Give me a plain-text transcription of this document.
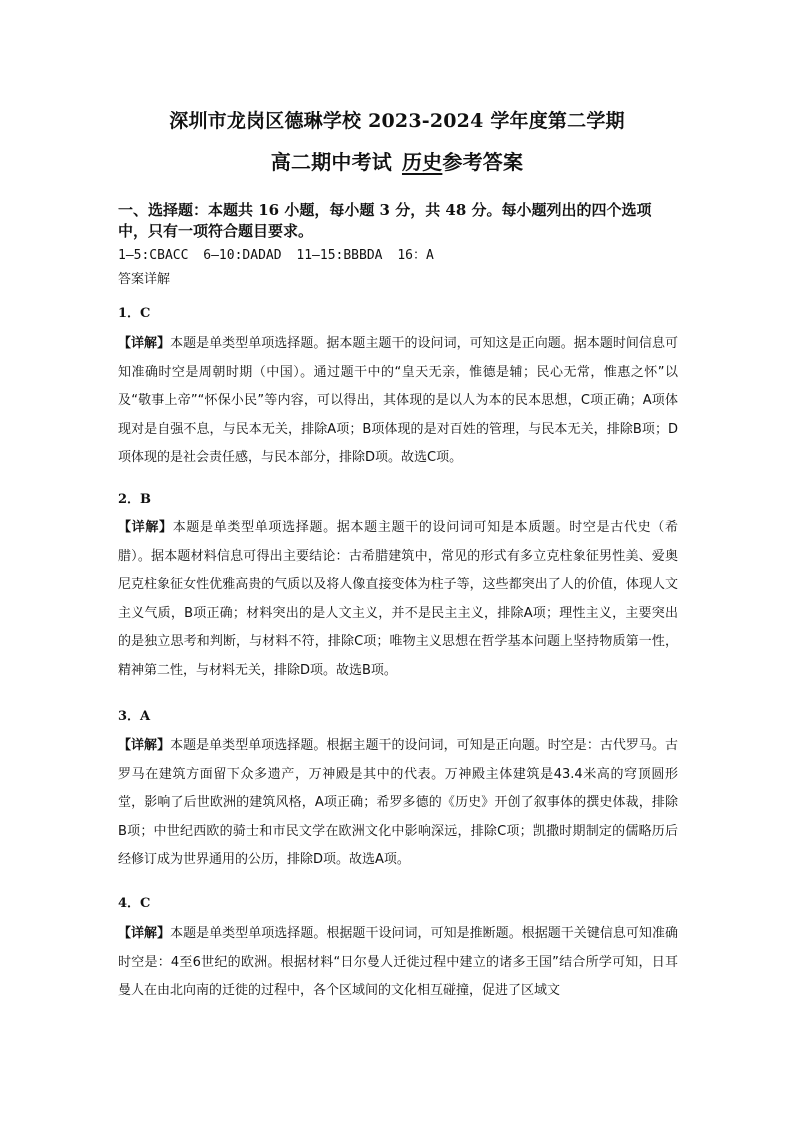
深圳市龙岗区德琳学校 2023-2024 学年度第二学期
高二期中考试 历史参考答案
一、选择题：本题共 16 小题，每小题 3 分，共 48 分。每小题列出的四个选项中，只有一项符合题目要求。
1—5:CBACC 6—10:DADAD 11—15:BBBDA 16：A
答案详解
1．C
【详解】本题是单类型单项选择题。据本题主题干的设问词，可知这是正向题。据本题时间信息可知准确时空是周朝时期（中国）。通过题干中的“皇天无亲，惟德是辅；民心无常，惟惠之怀”以及“敬事上帝”“怀保小民”等内容，可以得出，其体现的是以人为本的民本思想，C项正确；A项体现对是自强不息，与民本无关，排除A项；B项体现的是对百姓的管理，与民本无关，排除B项；D项体现的是社会责任感，与民本部分，排除D项。故选C项。
2．B
【详解】本题是单类型单项选择题。据本题主题干的设问词可知是本质题。时空是古代史（希腊）。据本题材料信息可得出主要结论：古希腊建筑中，常见的形式有多立克柱象征男性美、爱奥尼克柱象征女性优雅高贵的气质以及将人像直接变体为柱子等，这些都突出了人的价值，体现人文主义气质，B项正确；材料突出的是人文主义，并不是民主主义，排除A项；理性主义，主要突出的是独立思考和判断，与材料不符，排除C项；唯物主义思想在哲学基本问题上坚持物质第一性，精神第二性，与材料无关，排除D项。故选B项。
3．A
【详解】本题是单类型单项选择题。根据主题干的设问词，可知是正向题。时空是：古代罗马。古罗马在建筑方面留下众多遗产，万神殿是其中的代表。万神殿主体建筑是43.4米高的穹顶圆形堂，影响了后世欧洲的建筑风格，A项正确；希罗多德的《历史》开创了叙事体的撰史体裁，排除B项；中世纪西欧的骑士和市民文学在欧洲文化中影响深远，排除C项；凯撒时期制定的儒略历后经修订成为世界通用的公历，排除D项。故选A项。
4．C
【详解】本题是单类型单项选择题。根据题干设问词，可知是推断题。根据题干关键信息可知准确时空是：4至6世纪的欧洲。根据材料“日尔曼人迁徙过程中建立的诸多王国”结合所学可知，日耳曼人在由北向南的迁徙的过程中，各个区域间的文化相互碰撞，促进了区域文
